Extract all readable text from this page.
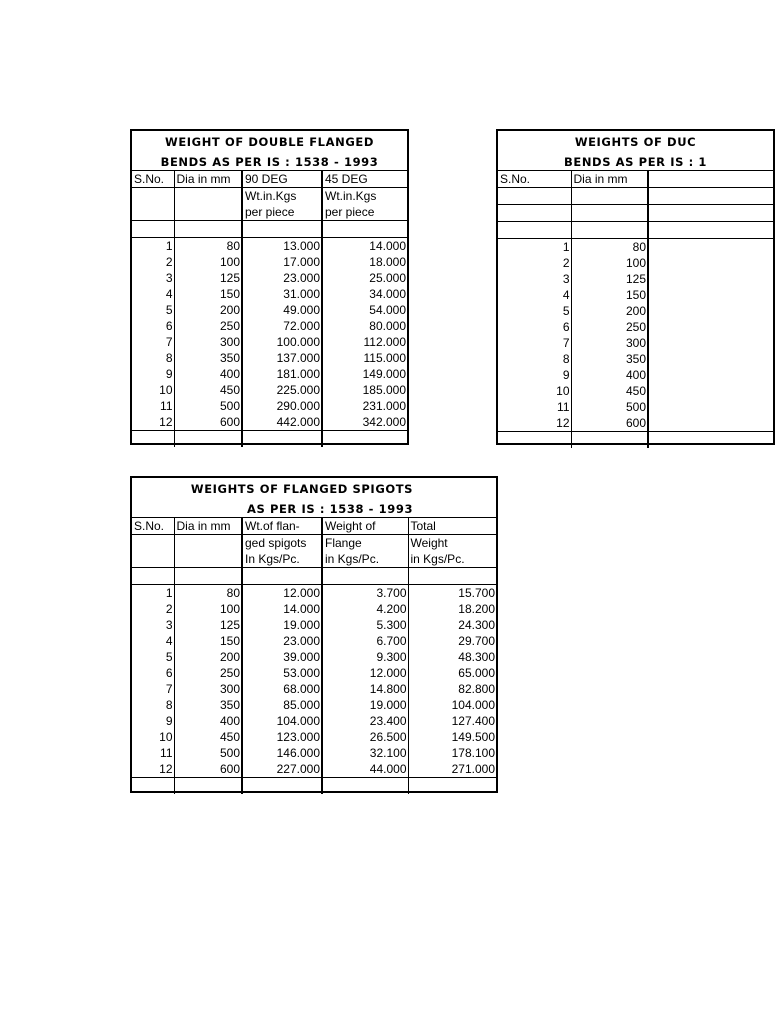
WEIGHT OF DOUBLE FLANGED
BENDS AS PER IS : 1538 - 1993
S.No.	Dia in mm	90 DEG	45 DEG
		Wt.in.Kgs	Wt.in.Kgs
		per piece	per piece

1	80	13.000	14.000
2	100	17.000	18.000
3	125	23.000	25.000
4	150	31.000	34.000
5	200	49.000	54.000
6	250	72.000	80.000
7	300	100.000	112.000
8	350	137.000	115.000
9	400	181.000	149.000
10	450	225.000	185.000
11	500	290.000	231.000
12	600	442.000	342.000

WEIGHTS OF DUC
BENDS AS PER IS : 1
S.No.	Dia in mm	

1	80	
2	100	
3	125	
4	150	
5	200	
6	250	
7	300	
8	350	
9	400	
10	450	
11	500	
12	600	

WEIGHTS OF FLANGED SPIGOTS
AS PER IS : 1538 - 1993
S.No.	Dia in mm	Wt.of flan-	Weight of	Total
		ged spigots	Flange	Weight
		In Kgs/Pc.	in Kgs/Pc.	in Kgs/Pc.

1	80	12.000	3.700	15.700
2	100	14.000	4.200	18.200
3	125	19.000	5.300	24.300
4	150	23.000	6.700	29.700
5	200	39.000	9.300	48.300
6	250	53.000	12.000	65.000
7	300	68.000	14.800	82.800
8	350	85.000	19.000	104.000
9	400	104.000	23.400	127.400
10	450	123.000	26.500	149.500
11	500	146.000	32.100	178.100
12	600	227.000	44.000	271.000
